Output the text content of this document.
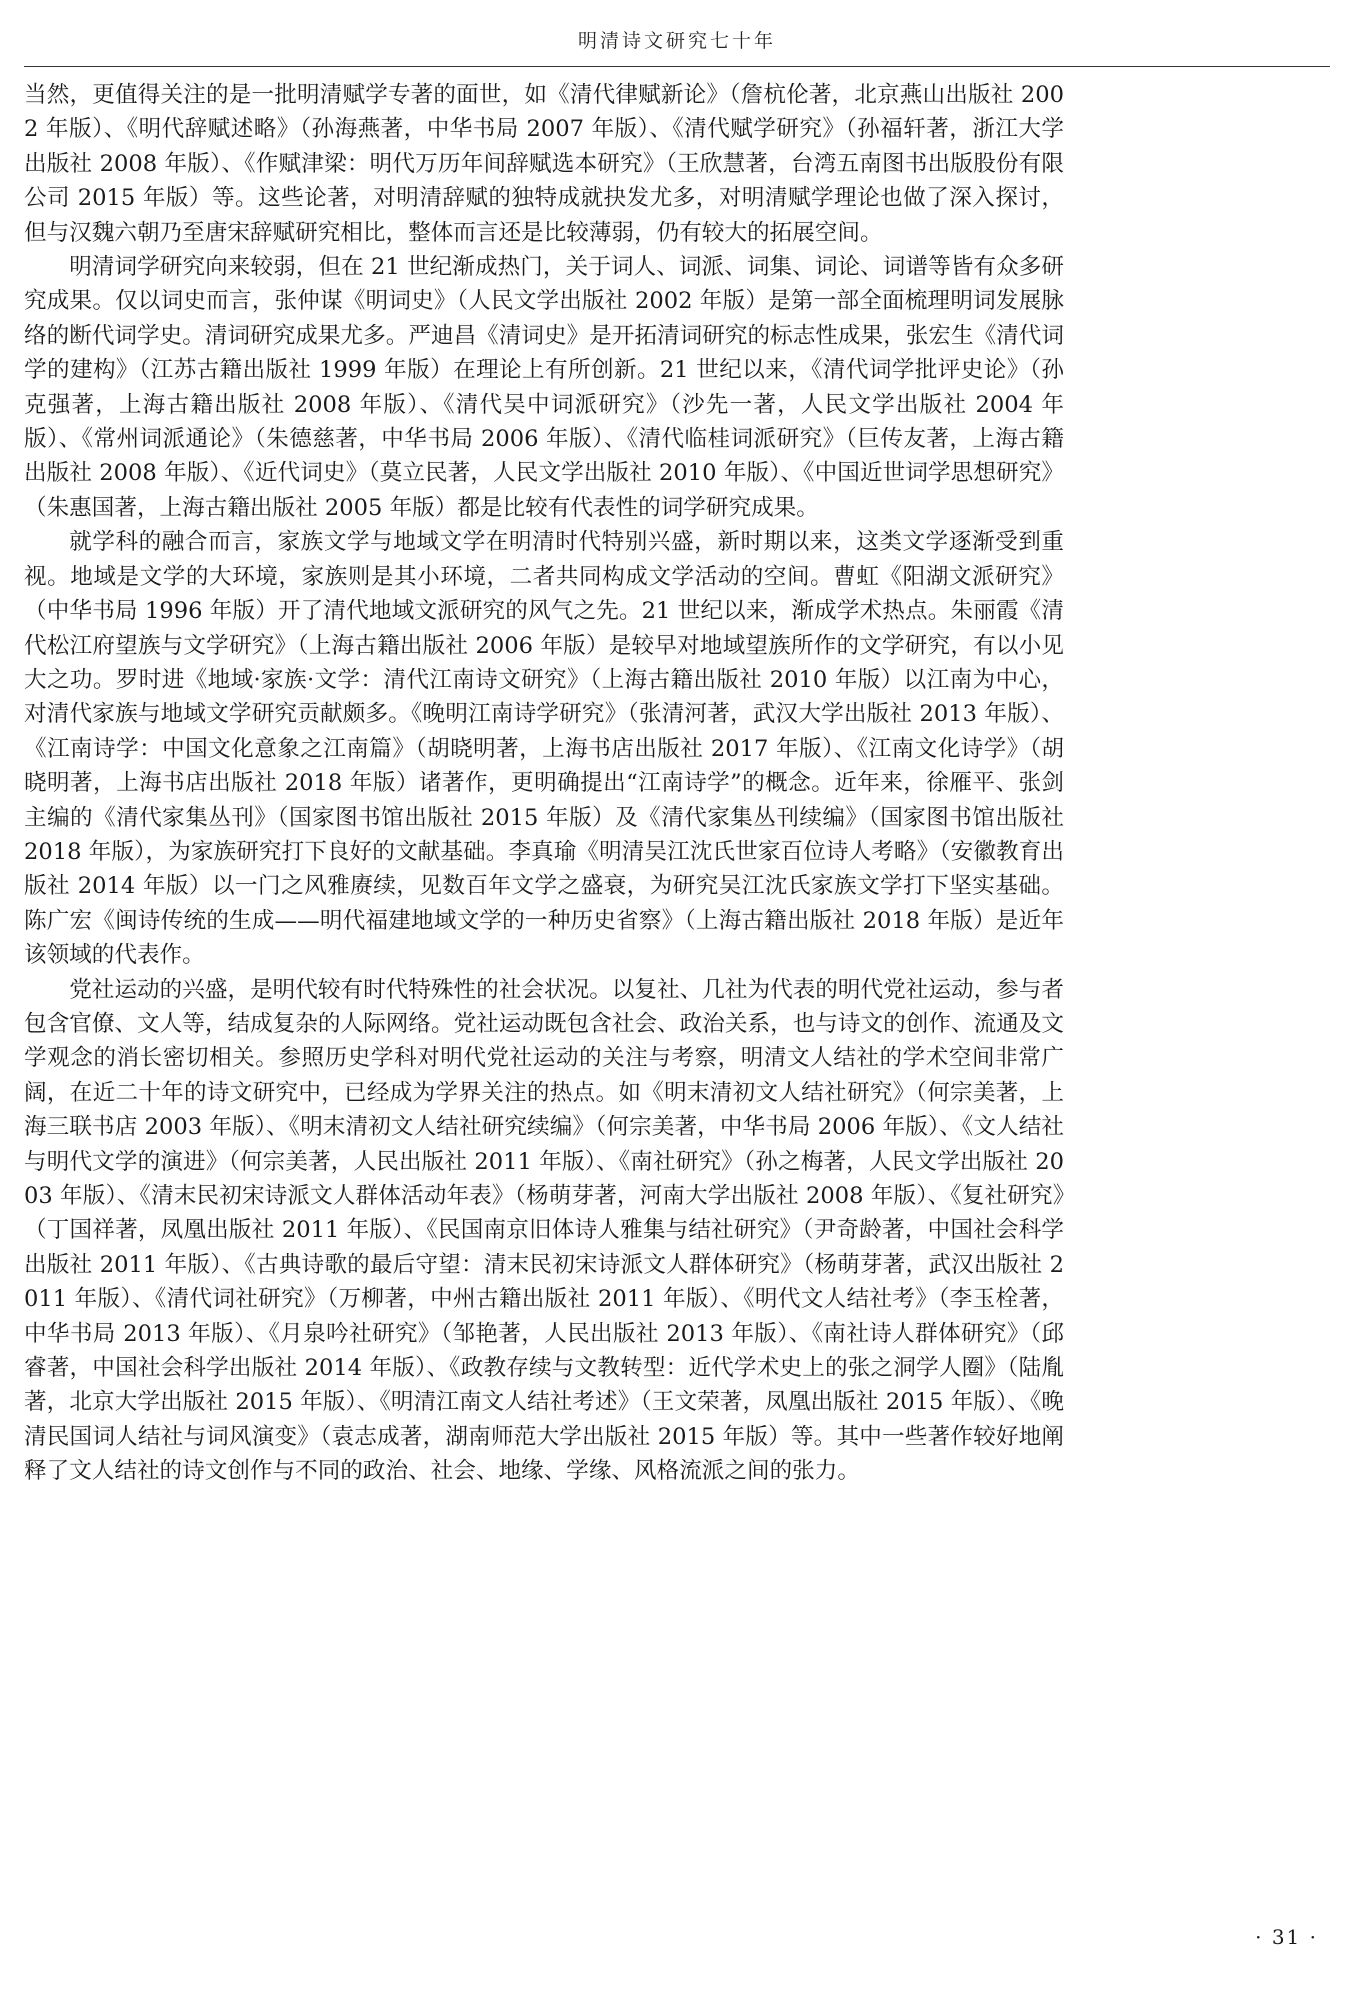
明清诗文研究七十年

当然，更值得关注的是一批明清赋学专著的面世，如《清代律赋新论》（詹杭伦著，北京燕山出版社 2002 年版）、《明代辞赋述略》（孙海燕著，中华书局 2007 年版）、《清代赋学研究》（孙福轩著，浙江大学出版社 2008 年版）、《作赋津梁：明代万历年间辞赋选本研究》（王欣慧著，台湾五南图书出版股份有限公司 2015 年版）等。这些论著，对明清辞赋的独特成就抉发尤多，对明清赋学理论也做了深入探讨，但与汉魏六朝乃至唐宋辞赋研究相比，整体而言还是比较薄弱，仍有较大的拓展空间。

明清词学研究向来较弱，但在 21 世纪渐成热门，关于词人、词派、词集、词论、词谱等皆有众多研究成果。仅以词史而言，张仲谋《明词史》（人民文学出版社 2002 年版）是第一部全面梳理明词发展脉络的断代词学史。清词研究成果尤多。严迪昌《清词史》是开拓清词研究的标志性成果，张宏生《清代词学的建构》（江苏古籍出版社 1999 年版）在理论上有所创新。21 世纪以来，《清代词学批评史论》（孙克强著，上海古籍出版社 2008 年版）、《清代吴中词派研究》（沙先一著，人民文学出版社 2004 年版）、《常州词派通论》（朱德慈著，中华书局 2006 年版）、《清代临桂词派研究》（巨传友著，上海古籍出版社 2008 年版）、《近代词史》（莫立民著，人民文学出版社 2010 年版）、《中国近世词学思想研究》（朱惠国著，上海古籍出版社 2005 年版）都是比较有代表性的词学研究成果。

就学科的融合而言，家族文学与地域文学在明清时代特别兴盛，新时期以来，这类文学逐渐受到重视。地域是文学的大环境，家族则是其小环境，二者共同构成文学活动的空间。曹虹《阳湖文派研究》（中华书局 1996 年版）开了清代地域文派研究的风气之先。21 世纪以来，渐成学术热点。朱丽霞《清代松江府望族与文学研究》（上海古籍出版社 2006 年版）是较早对地域望族所作的文学研究，有以小见大之功。罗时进《地域·家族·文学：清代江南诗文研究》（上海古籍出版社 2010 年版）以江南为中心，对清代家族与地域文学研究贡献颇多。《晚明江南诗学研究》（张清河著，武汉大学出版社 2013 年版）、《江南诗学：中国文化意象之江南篇》（胡晓明著，上海书店出版社 2017 年版）、《江南文化诗学》（胡晓明著，上海书店出版社 2018 年版）诸著作，更明确提出“江南诗学”的概念。近年来，徐雁平、张剑主编的《清代家集丛刊》（国家图书馆出版社 2015 年版）及《清代家集丛刊续编》（国家图书馆出版社 2018 年版），为家族研究打下良好的文献基础。李真瑜《明清吴江沈氏世家百位诗人考略》（安徽教育出版社 2014 年版）以一门之风雅赓续，见数百年文学之盛衰，为研究吴江沈氏家族文学打下坚实基础。陈广宏《闽诗传统的生成——明代福建地域文学的一种历史省察》（上海古籍出版社 2018 年版）是近年该领域的代表作。

党社运动的兴盛，是明代较有时代特殊性的社会状况。以复社、几社为代表的明代党社运动，参与者包含官僚、文人等，结成复杂的人际网络。党社运动既包含社会、政治关系，也与诗文的创作、流通及文学观念的消长密切相关。参照历史学科对明代党社运动的关注与考察，明清文人结社的学术空间非常广阔，在近二十年的诗文研究中，已经成为学界关注的热点。如《明末清初文人结社研究》（何宗美著，上海三联书店 2003 年版）、《明末清初文人结社研究续编》（何宗美著，中华书局 2006 年版）、《文人结社与明代文学的演进》（何宗美著，人民出版社 2011 年版）、《南社研究》（孙之梅著，人民文学出版社 2003 年版）、《清末民初宋诗派文人群体活动年表》（杨萌芽著，河南大学出版社 2008 年版）、《复社研究》（丁国祥著，凤凰出版社 2011 年版）、《民国南京旧体诗人雅集与结社研究》（尹奇龄著，中国社会科学出版社 2011 年版）、《古典诗歌的最后守望：清末民初宋诗派文人群体研究》（杨萌芽著，武汉出版社 2011 年版）、《清代词社研究》（万柳著，中州古籍出版社 2011 年版）、《明代文人结社考》（李玉栓著，中华书局 2013 年版）、《月泉吟社研究》（邹艳著，人民出版社 2013 年版）、《南社诗人群体研究》（邱睿著，中国社会科学出版社 2014 年版）、《政教存续与文教转型：近代学术史上的张之洞学人圈》（陆胤著，北京大学出版社 2015 年版）、《明清江南文人结社考述》（王文荣著，凤凰出版社 2015 年版）、《晚清民国词人结社与词风演变》（袁志成著，湖南师范大学出版社 2015 年版）等。其中一些著作较好地阐释了文人结社的诗文创作与不同的政治、社会、地缘、学缘、风格流派之间的张力。

· 31 ·
